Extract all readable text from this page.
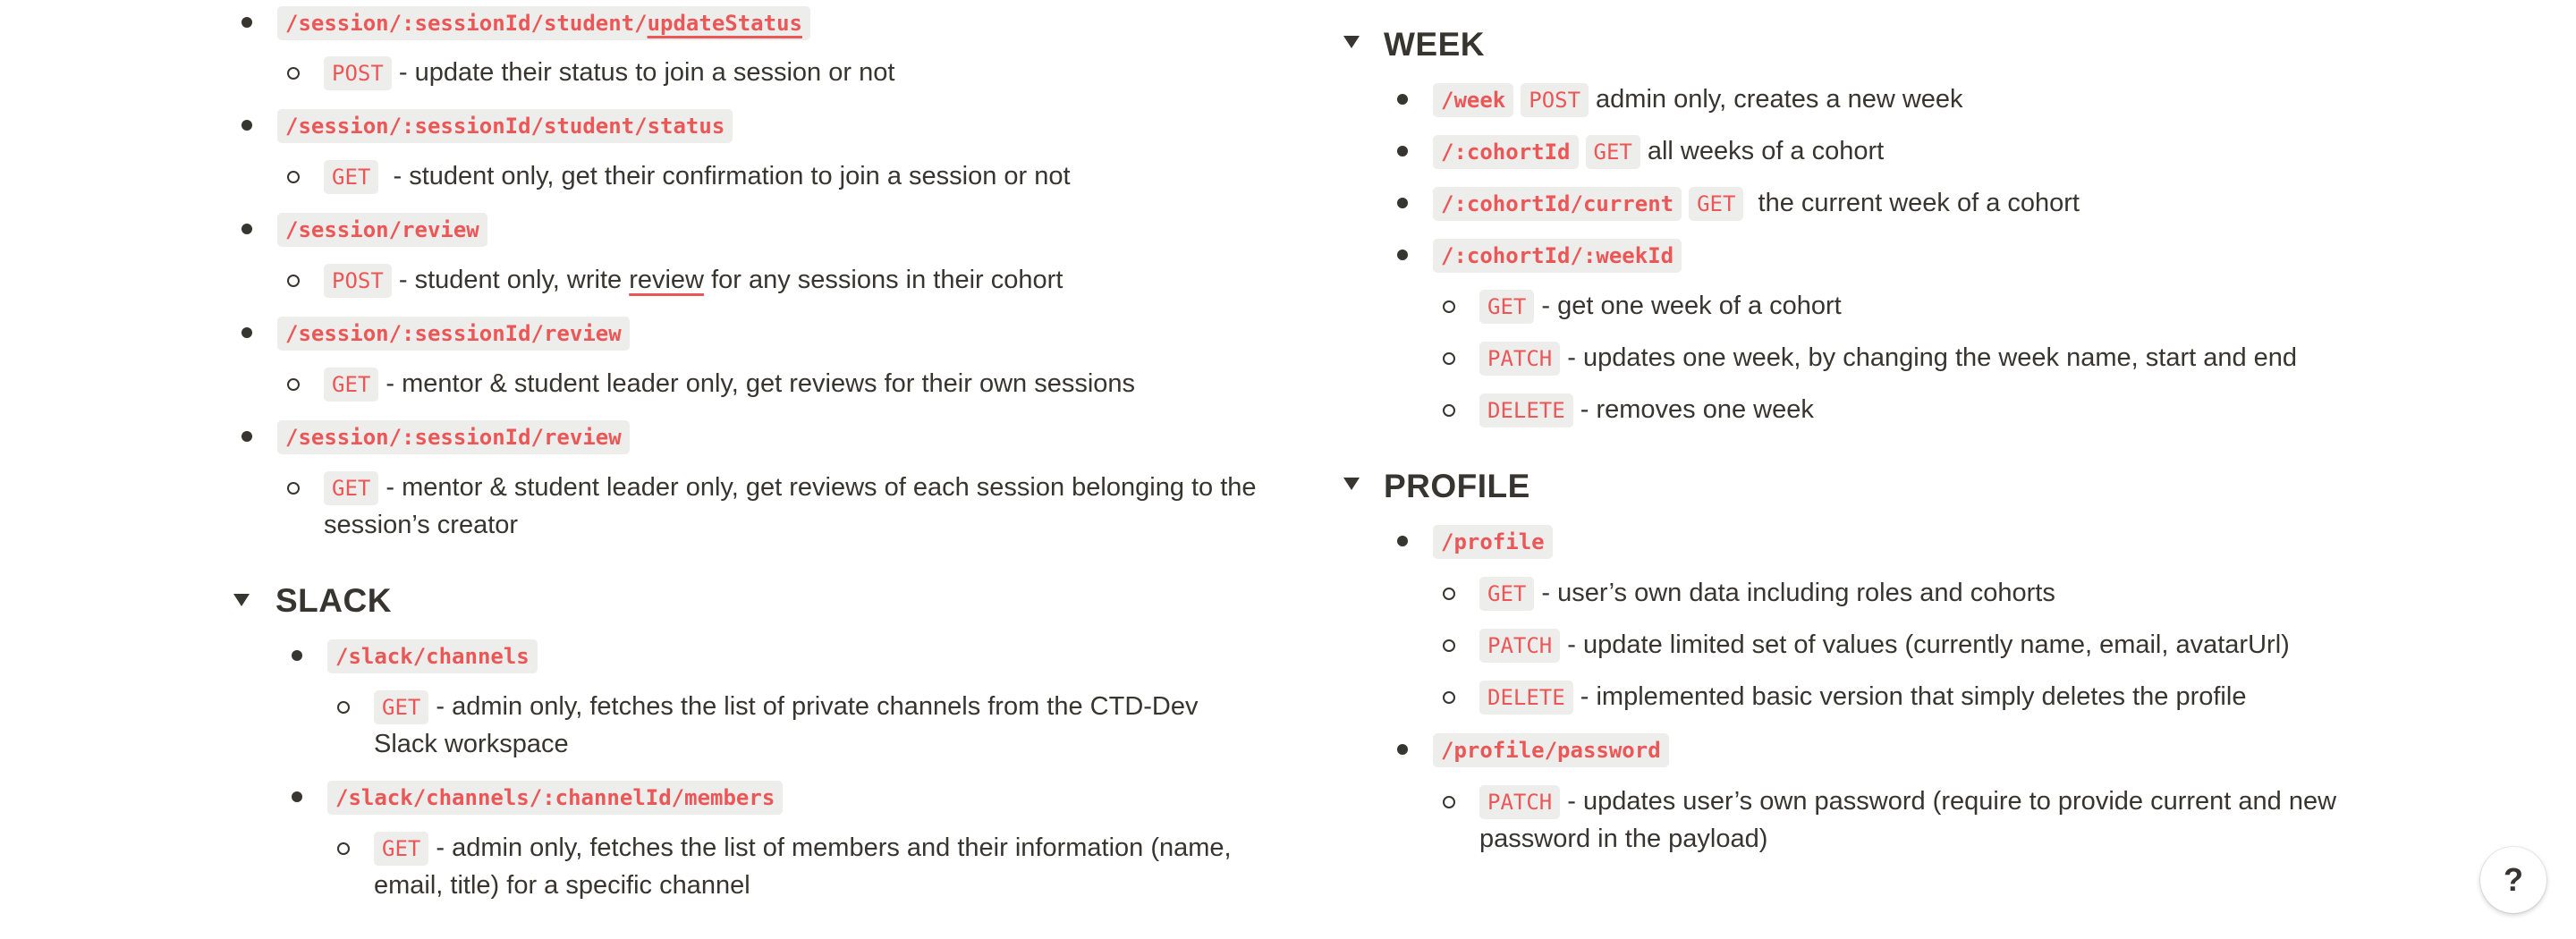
/session/:sessionId/student/updateStatus
POST - update their status to join a session or not
/session/:sessionId/student/status
GET  - student only, get their confirmation to join a session or not
/session/review
POST - student only, write review for any sessions in their cohort
/session/:sessionId/review
GET - mentor & student leader only, get reviews for their own sessions
/session/:sessionId/review
GET - mentor & student leader only, get reviews of each session belonging to the session’s creator
SLACK
/slack/channels
GET - admin only, fetches the list of private channels from the CTD-Dev Slack workspace
/slack/channels/:channelId/members
GET - admin only, fetches the list of members and their information (name, email, title) for a specific channel
WEEK
/week POST admin only, creates a new week
/:cohortId GET all weeks of a cohort
/:cohortId/current GET the current week of a cohort
/:cohortId/:weekId
GET - get one week of a cohort
PATCH - updates one week, by changing the week name, start and end
DELETE - removes one week
PROFILE
/profile
GET - user’s own data including roles and cohorts
PATCH - update limited set of values (currently name, email, avatarUrl)
DELETE - implemented basic version that simply deletes the profile
/profile/password
PATCH - updates user’s own password (require to provide current and new password in the payload)
?
